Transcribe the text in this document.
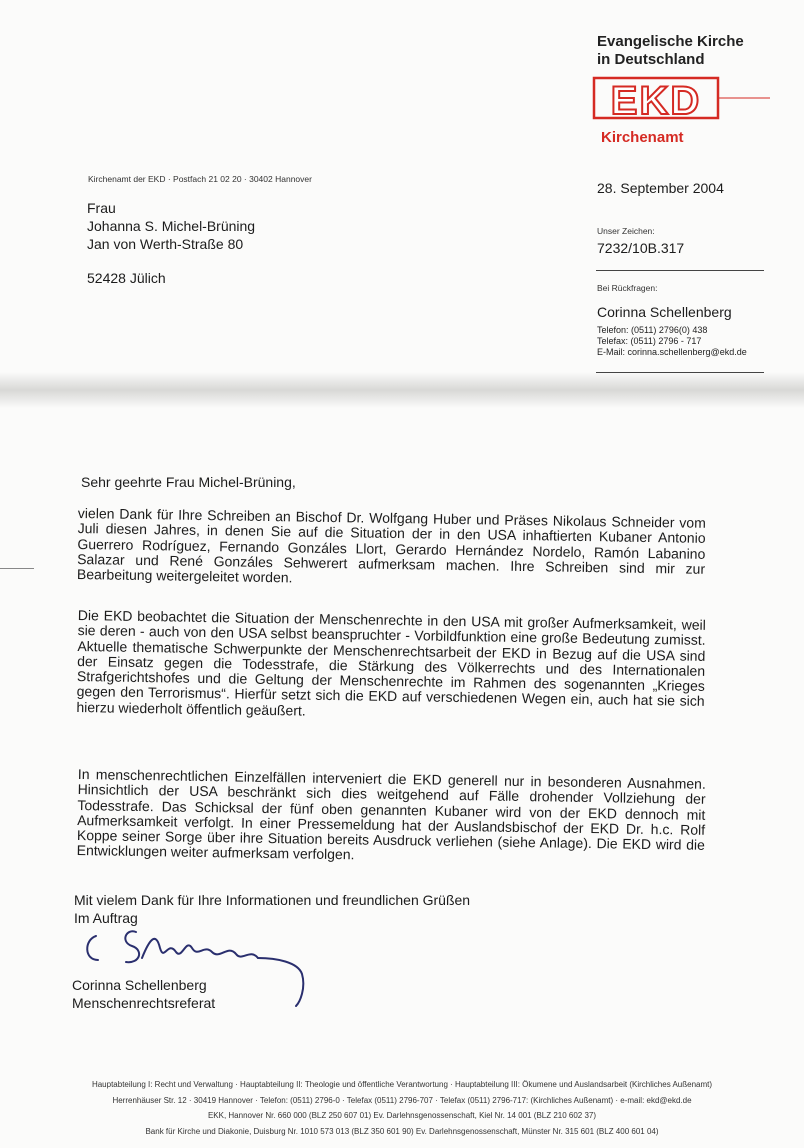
Evangelische Kirche
in Deutschland
EKD
Kirchenamt
Kirchenamt der EKD · Postfach 21 02 20 · 30402 Hannover
Frau
Johanna S. Michel-Brüning
Jan von Werth-Straße 80
52428 Jülich
28. September 2004
Unser Zeichen:
7232/10B.317
Bei Rückfragen:
Corinna Schellenberg
Telefon: (0511) 2796(0) 438
Telefax: (0511) 2796 - 717
E-Mail: corinna.schellenberg@ekd.de
Sehr geehrte Frau Michel-Brüning,
vielen Dank für Ihre Schreiben an Bischof Dr. Wolfgang Huber und Präses Nikolaus Schneider vom Juli diesen Jahres, in denen Sie auf die Situation der in den USA inhaftierten Kubaner Antonio Guerrero Rodríguez, Fernando Gonzáles Llort, Gerardo Hernández Nordelo, Ramón Labanino Salazar und René Gonzáles Sehwerert aufmerksam machen. Ihre Schreiben sind mir zur Bearbeitung weitergeleitet worden.
Die EKD beobachtet die Situation der Menschenrechte in den USA mit großer Aufmerksamkeit, weil sie deren - auch von den USA selbst beanspruchter - Vorbildfunktion eine große Bedeutung zumisst. Aktuelle thematische Schwerpunkte der Menschenrechtsarbeit der EKD in Bezug auf die USA sind der Einsatz gegen die Todesstrafe, die Stärkung des Völkerrechts und des Internationalen Strafgerichtshofes und die Geltung der Menschenrechte im Rahmen des sogenannten „Krieges gegen den Terrorismus“. Hierfür setzt sich die EKD auf verschiedenen Wegen ein, auch hat sie sich hierzu wiederholt öffentlich geäußert.
In menschenrechtlichen Einzelfällen interveniert die EKD generell nur in besonderen Ausnahmen. Hinsichtlich der USA beschränkt sich dies weitgehend auf Fälle drohender Vollziehung der Todesstrafe. Das Schicksal der fünf oben genannten Kubaner wird von der EKD dennoch mit Aufmerksamkeit verfolgt. In einer Pressemeldung hat der Auslandsbischof der EKD Dr. h.c. Rolf Koppe seiner Sorge über ihre Situation bereits Ausdruck verliehen (siehe Anlage). Die EKD wird die Entwicklungen weiter aufmerksam verfolgen.
Mit vielem Dank für Ihre Informationen und freundlichen Grüßen
Im Auftrag
Corinna Schellenberg
Menschenrechtsreferat
Hauptabteilung I: Recht und Verwaltung · Hauptabteilung II: Theologie und öffentliche Verantwortung · Hauptabteilung III: Ökumene und Auslandsarbeit (Kirchliches Außenamt)
Herrenhäuser Str. 12 · 30419 Hannover · Telefon: (0511) 2796-0 · Telefax (0511) 2796-707 · Telefax (0511) 2796-717: (Kirchliches Außenamt) · e-mail: ekd@ekd.de
EKK, Hannover Nr. 660 000 (BLZ 250 607 01) Ev. Darlehnsgenossenschaft, Kiel Nr. 14 001 (BLZ 210 602 37)
Bank für Kirche und Diakonie, Duisburg Nr. 1010 573 013 (BLZ 350 601 90) Ev. Darlehnsgenossenschaft, Münster Nr. 315 601 (BLZ 400 601 04)
